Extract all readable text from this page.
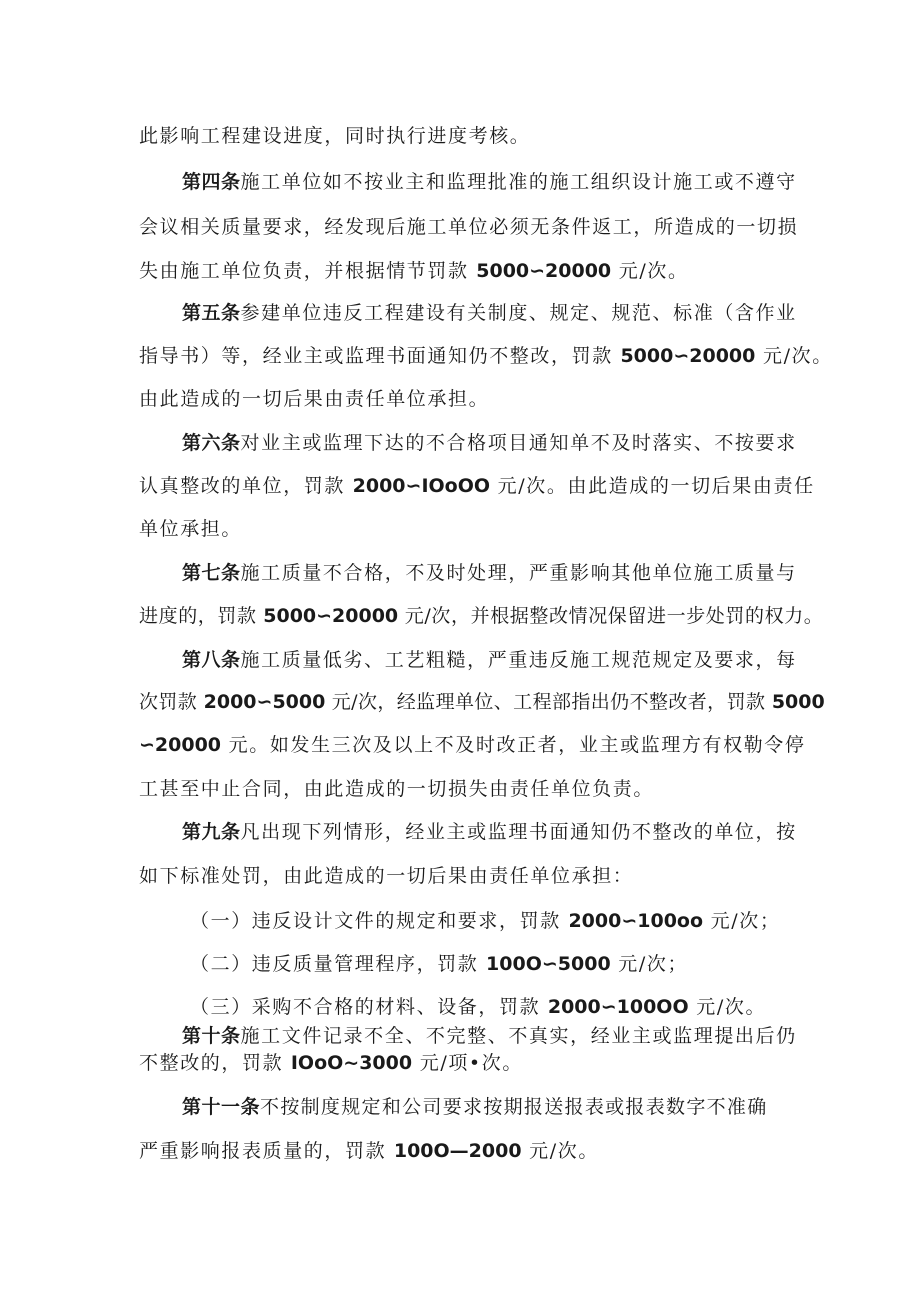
此影响工程建设进度，同时执行进度考核。
第四条施工单位如不按业主和监理批准的施工组织设计施工或不遵守
会议相关质量要求，经发现后施工单位必须无条件返工，所造成的一切损
失由施工单位负责，并根据情节罚款 5000∽20000 元/次。
第五条参建单位违反工程建设有关制度、规定、规范、标准（含作业
指导书）等，经业主或监理书面通知仍不整改，罚款 5000∽20000 元/次。
由此造成的一切后果由责任单位承担。
第六条对业主或监理下达的不合格项目通知单不及时落实、不按要求
认真整改的单位，罚款 2000∽IOoOO 元/次。由此造成的一切后果由责任
单位承担。
第七条施工质量不合格，不及时处理，严重影响其他单位施工质量与
进度的，罚款 5000∽20000 元/次，并根据整改情况保留进一步处罚的权力。
第八条施工质量低劣、工艺粗糙，严重违反施工规范规定及要求，每
次罚款 2000∽5000 元/次，经监理单位、工程部指出仍不整改者，罚款 5000
∽20000 元。如发生三次及以上不及时改正者，业主或监理方有权勒令停
工甚至中止合同，由此造成的一切损失由责任单位负责。
第九条凡出现下列情形，经业主或监理书面通知仍不整改的单位，按
如下标准处罚，由此造成的一切后果由责任单位承担：
（一）违反设计文件的规定和要求，罚款 2000∽100oo 元/次；
（二）违反质量管理程序，罚款 100O∽5000 元/次；
（三）采购不合格的材料、设备，罚款 2000∽100OO 元/次。
第十条施工文件记录不全、不完整、不真实，经业主或监理提出后仍
不整改的，罚款 IOoO~3000 元/项•次。
第十一条不按制度规定和公司要求按期报送报表或报表数字不准确
严重影响报表质量的，罚款 100O—2000 元/次。
